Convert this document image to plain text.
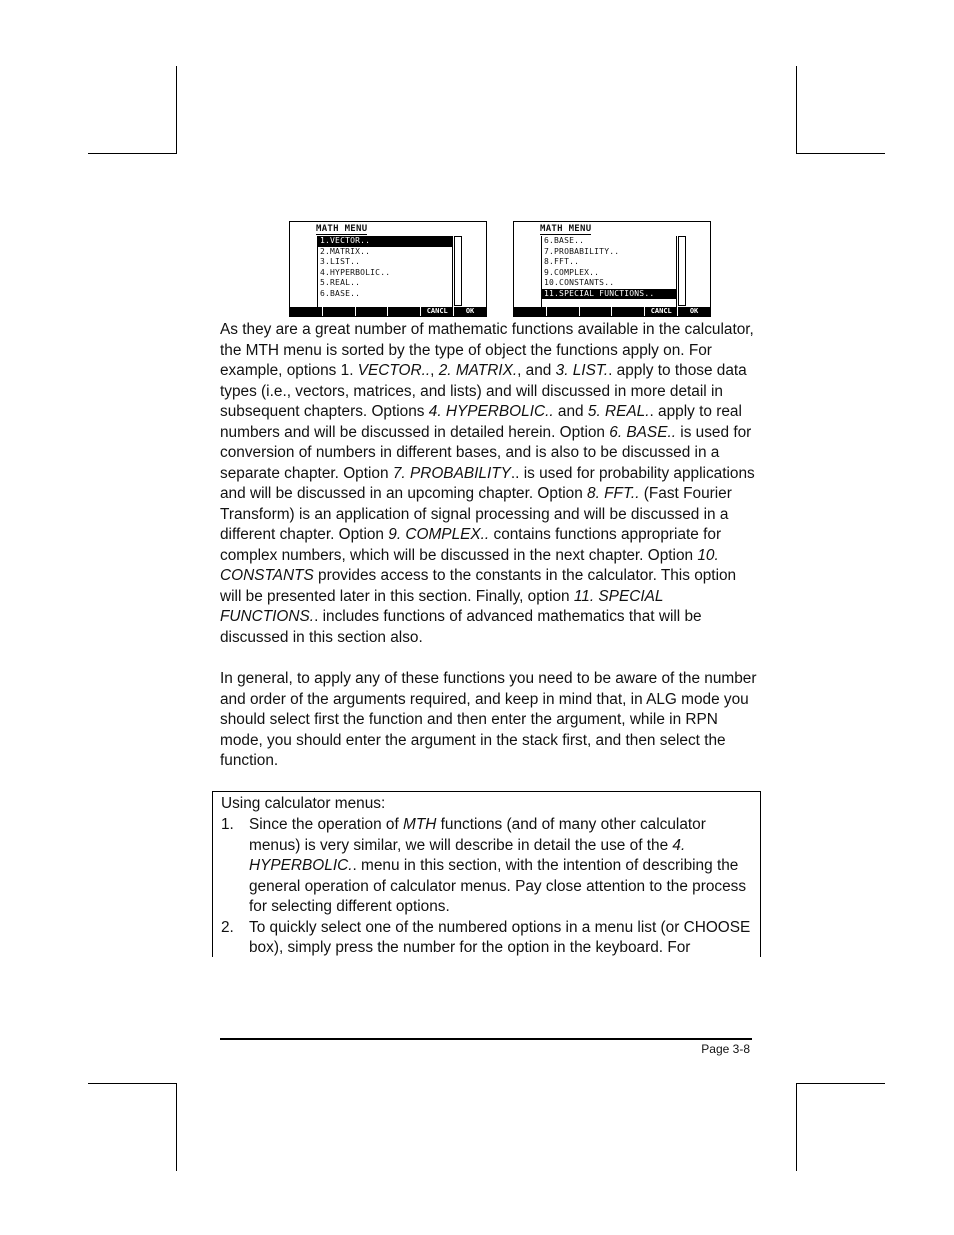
MATH MENU
1.VECTOR..
2.MATRIX..
3.LIST..
4.HYPERBOLIC..
5.REAL..
6.BASE..
CANCL	OK
MATH MENU
6.BASE..
7.PROBABILITY..
8.FFT..
9.COMPLEX..
10.CONSTANTS..
11.SPECIAL FUNCTIONS..
CANCL	OK

As they are a great number of mathematic functions available in the calculator, the MTH menu is sorted by the type of object the functions apply on. For example, options 1. VECTOR.., 2. MATRIX., and 3. LIST.. apply to those data types (i.e., vectors, matrices, and lists) and will discussed in more detail in subsequent chapters. Options 4. HYPERBOLIC.. and 5. REAL.. apply to real numbers and will be discussed in detailed herein. Option 6. BASE.. is used for conversion of numbers in different bases, and is also to be discussed in a separate chapter. Option 7. PROBABILITY.. is used for probability applications and will be discussed in an upcoming chapter. Option 8. FFT.. (Fast Fourier Transform) is an application of signal processing and will be discussed in a different chapter. Option 9. COMPLEX.. contains functions appropriate for complex numbers, which will be discussed in the next chapter. Option 10. CONSTANTS provides access to the constants in the calculator. This option will be presented later in this section. Finally, option 11. SPECIAL FUNCTIONS.. includes functions of advanced mathematics that will be discussed in this section also.

In general, to apply any of these functions you need to be aware of the number and order of the arguments required, and keep in mind that, in ALG mode you should select first the function and then enter the argument, while in RPN mode, you should enter the argument in the stack first, and then select the function.

Using calculator menus:

1. Since the operation of MTH functions (and of many other calculator menus) is very similar, we will describe in detail the use of the 4. HYPERBOLIC.. menu in this section, with the intention of describing the general operation of calculator menus. Pay close attention to the process for selecting different options.
2. To quickly select one of the numbered options in a menu list (or CHOOSE box), simply press the number for the option in the keyboard. For
Page 3-8
